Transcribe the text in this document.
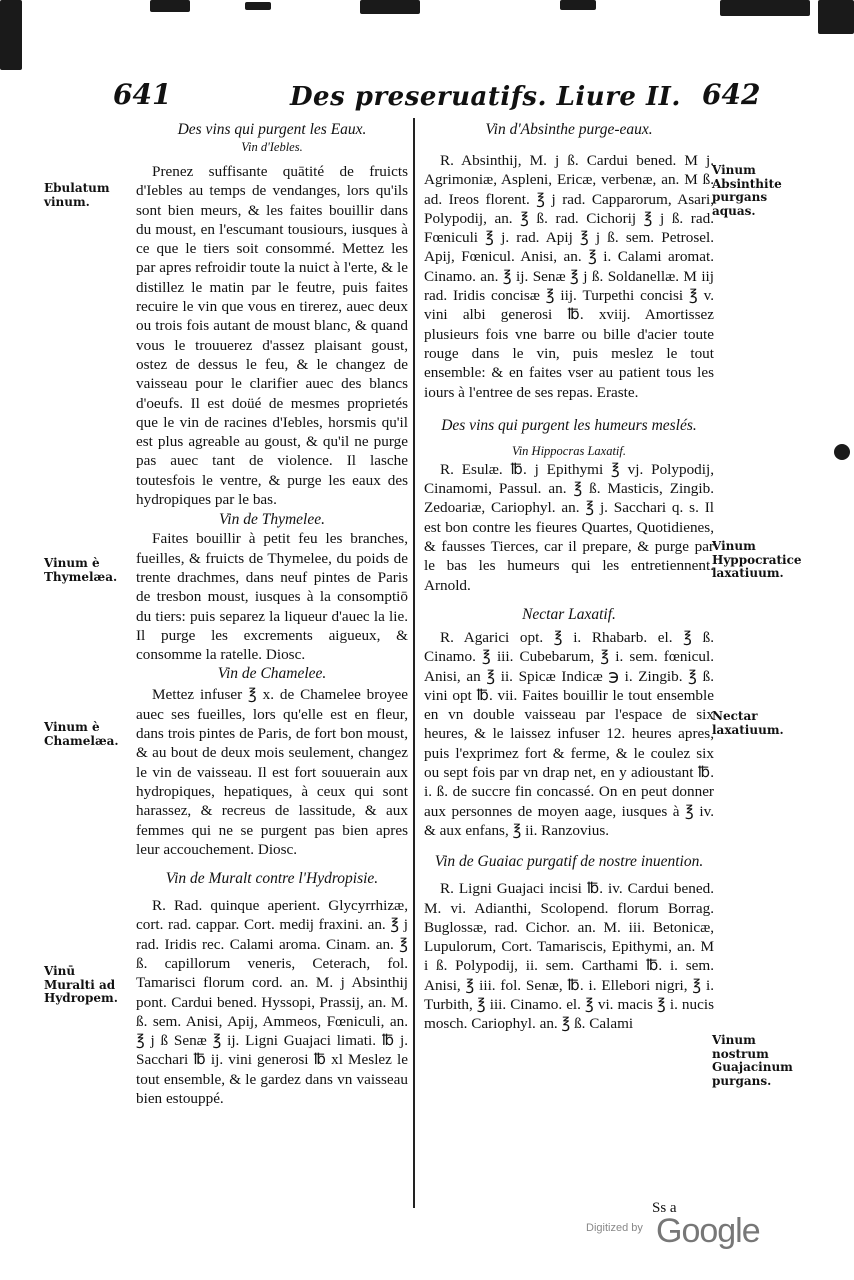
641	Des preseruatifs. Liure II. 642
Des vins qui purgent les Eaux.
Vin d'Iebles.
Prenez suffisante quātité de fruicts d'Iebles au temps de vendanges, lors qu'ils sont bien meurs, & les faites bouillir dans du moust, en l'escumant tousiours, iusques à ce que le tiers soit consommé. Mettez les par apres refroidir toute la nuict à l'erte, & le distillez le matin par le feutre, puis faites recuire le vin que vous en tirerez, auec deux ou trois fois autant de moust blanc, & quand vous le trouuerez d'assez plaisant goust, ostez de dessus le feu, & le changez de vaisseau pour le clarifier auec des blancs d'oeufs. Il est doüé de mesmes proprietés que le vin de racines d'Iebles, horsmis qu'il est plus agreable au goust, & qu'il ne purge pas auec tant de violence. Il lasche toutesfois le ventre, & purge les eaux des hydropiques par le bas.
Vin de Thymelee.
Faites bouillir à petit feu les branches, fueilles, & fruicts de Thymelee, du poids de trente drachmes, dans neuf pintes de Paris de tresbon moust, iusques à la consomptiō du tiers: puis separez la liqueur d'auec la lie. Il purge les excrements aigueux, & consomme la ratelle. Diosc.
Vin de Chamelee.
Mettez infuser ℥ x. de Chamelee broyee auec ses fueilles, lors qu'elle est en fleur, dans trois pintes de Paris, de fort bon moust, & au bout de deux mois seulement, changez le vin de vaisseau. Il est fort souuerain aux hydropiques, hepatiques, à ceux qui sont harassez, & recreus de lassitude, & aux femmes qui ne se purgent pas bien apres leur accouchement. Diosc.
Vin de Muralt contre l'Hydropisie.
R. Rad. quinque aperient. Glycyrrhizæ, cort. rad. cappar. Cort. medij fraxini. an. ℥ j rad. Iridis rec. Calami aroma. Cinam. an. ℥ ß. capillorum veneris, Ceterach, fol. Tamarisci florum cord. an. M. j Absinthij pont. Cardui bened. Hyssopi, Prassij, an. M. ß. sem. Anisi, Apij, Ammeos, Fœniculi, an. ℥ j ß Senæ ℥ ij. Ligni Guajaci limati. ℔ j. Sacchari ℔ ij. vini generosi ℔ xl Meslez le tout ensemble, & le gardez dans vn vaisseau bien estouppé.
Vin d'Absinthe purge-eaux.
R. Absinthij, M. j ß. Cardui bened. M j. Agrimoniæ, Aspleni, Ericæ, verbenæ, an. M ß. ad. Ireos florent. ℥ j rad. Capparorum, Asari, Polypodij, an. ℥ ß. rad. Cichorij ℥ j ß. rad. Fœniculi ℥ j. rad. Apij ℥ j ß. sem. Petrosel. Apij, Fœnicul. Anisi, an. ℥ i. Calami aromat. Cinamo. an. ℥ ij. Senæ ℥ j ß. Soldanellæ. M iij rad. Iridis concisæ ℥ iij. Turpethi concisi ℥ v. vini albi generosi ℔. xviij. Amortissez plusieurs fois vne barre ou bille d'acier toute rouge dans le vin, puis meslez le tout ensemble: & en faites vser au patient tous les iours à l'entree de ses repas. Eraste.
Des vins qui purgent les humeurs meslés.
Vin Hippocras Laxatif.
R. Esulæ. ℔. j Epithymi ℥ vj. Polypodij, Cinamomi, Passul. an. ℥ ß. Masticis, Zingib. Zedoariæ, Cariophyl. an. ℥ j. Sacchari q. s. Il est bon contre les fieures Quartes, Quotidienes, & fausses Tierces, car il prepare, & purge par le bas les humeurs qui les entretiennent. Arnold.
Nectar Laxatif.
R. Agarici opt. ℥ i. Rhabarb. el. ℥ ß. Cinamo. ℥ iii. Cubebarum, ℥ i. sem. fœnicul. Anisi, an ℥ ii. Spicæ Indicæ ℈ i. Zingib. ℥ ß. vini opt ℔. vii. Faites bouillir le tout ensemble en vn double vaisseau par l'espace de six heures, & le laissez infuser 12. heures apres, puis l'exprimez fort & ferme, & le coulez six ou sept fois par vn drap net, en y adioustant ℔. i. ß. de succre fin concassé. On en peut donner aux personnes de moyen aage, iusques à ℥ iv. & aux enfans, ℥ ii. Ranzovius.
Vin de Guaiac purgatif de nostre inuention.
R. Ligni Guajaci incisi ℔. iv. Cardui bened. M. vi. Adianthi, Scolopend. florum Borrag. Buglossæ, rad. Cichor. an. M. iii. Betonicæ, Lupulorum, Cort. Tamariscis, Epithymi, an. M i ß. Polypodij, ii. sem. Carthami ℔. i. sem. Anisi, ℥ iii. fol. Senæ, ℔. i. Ellebori nigri, ℥ i. Turbith, ℥ iii. Cinamo. el. ℥ vi. macis ℥ i. nucis mosch. Cariophyl. an. ℥ ß. Calami
Ebulatum vinum.
Vinum è Thymelæa.
Vinum è Chamelæa.
Vinū Muralti ad Hydropem.
Vinum Absinthite purgans aquas.
Vinum Hyppocratice laxatiuum.
Nectar laxatiuum.
Vinum nostrum Guajacinum purgans.
Ss a
Digitized by Google
